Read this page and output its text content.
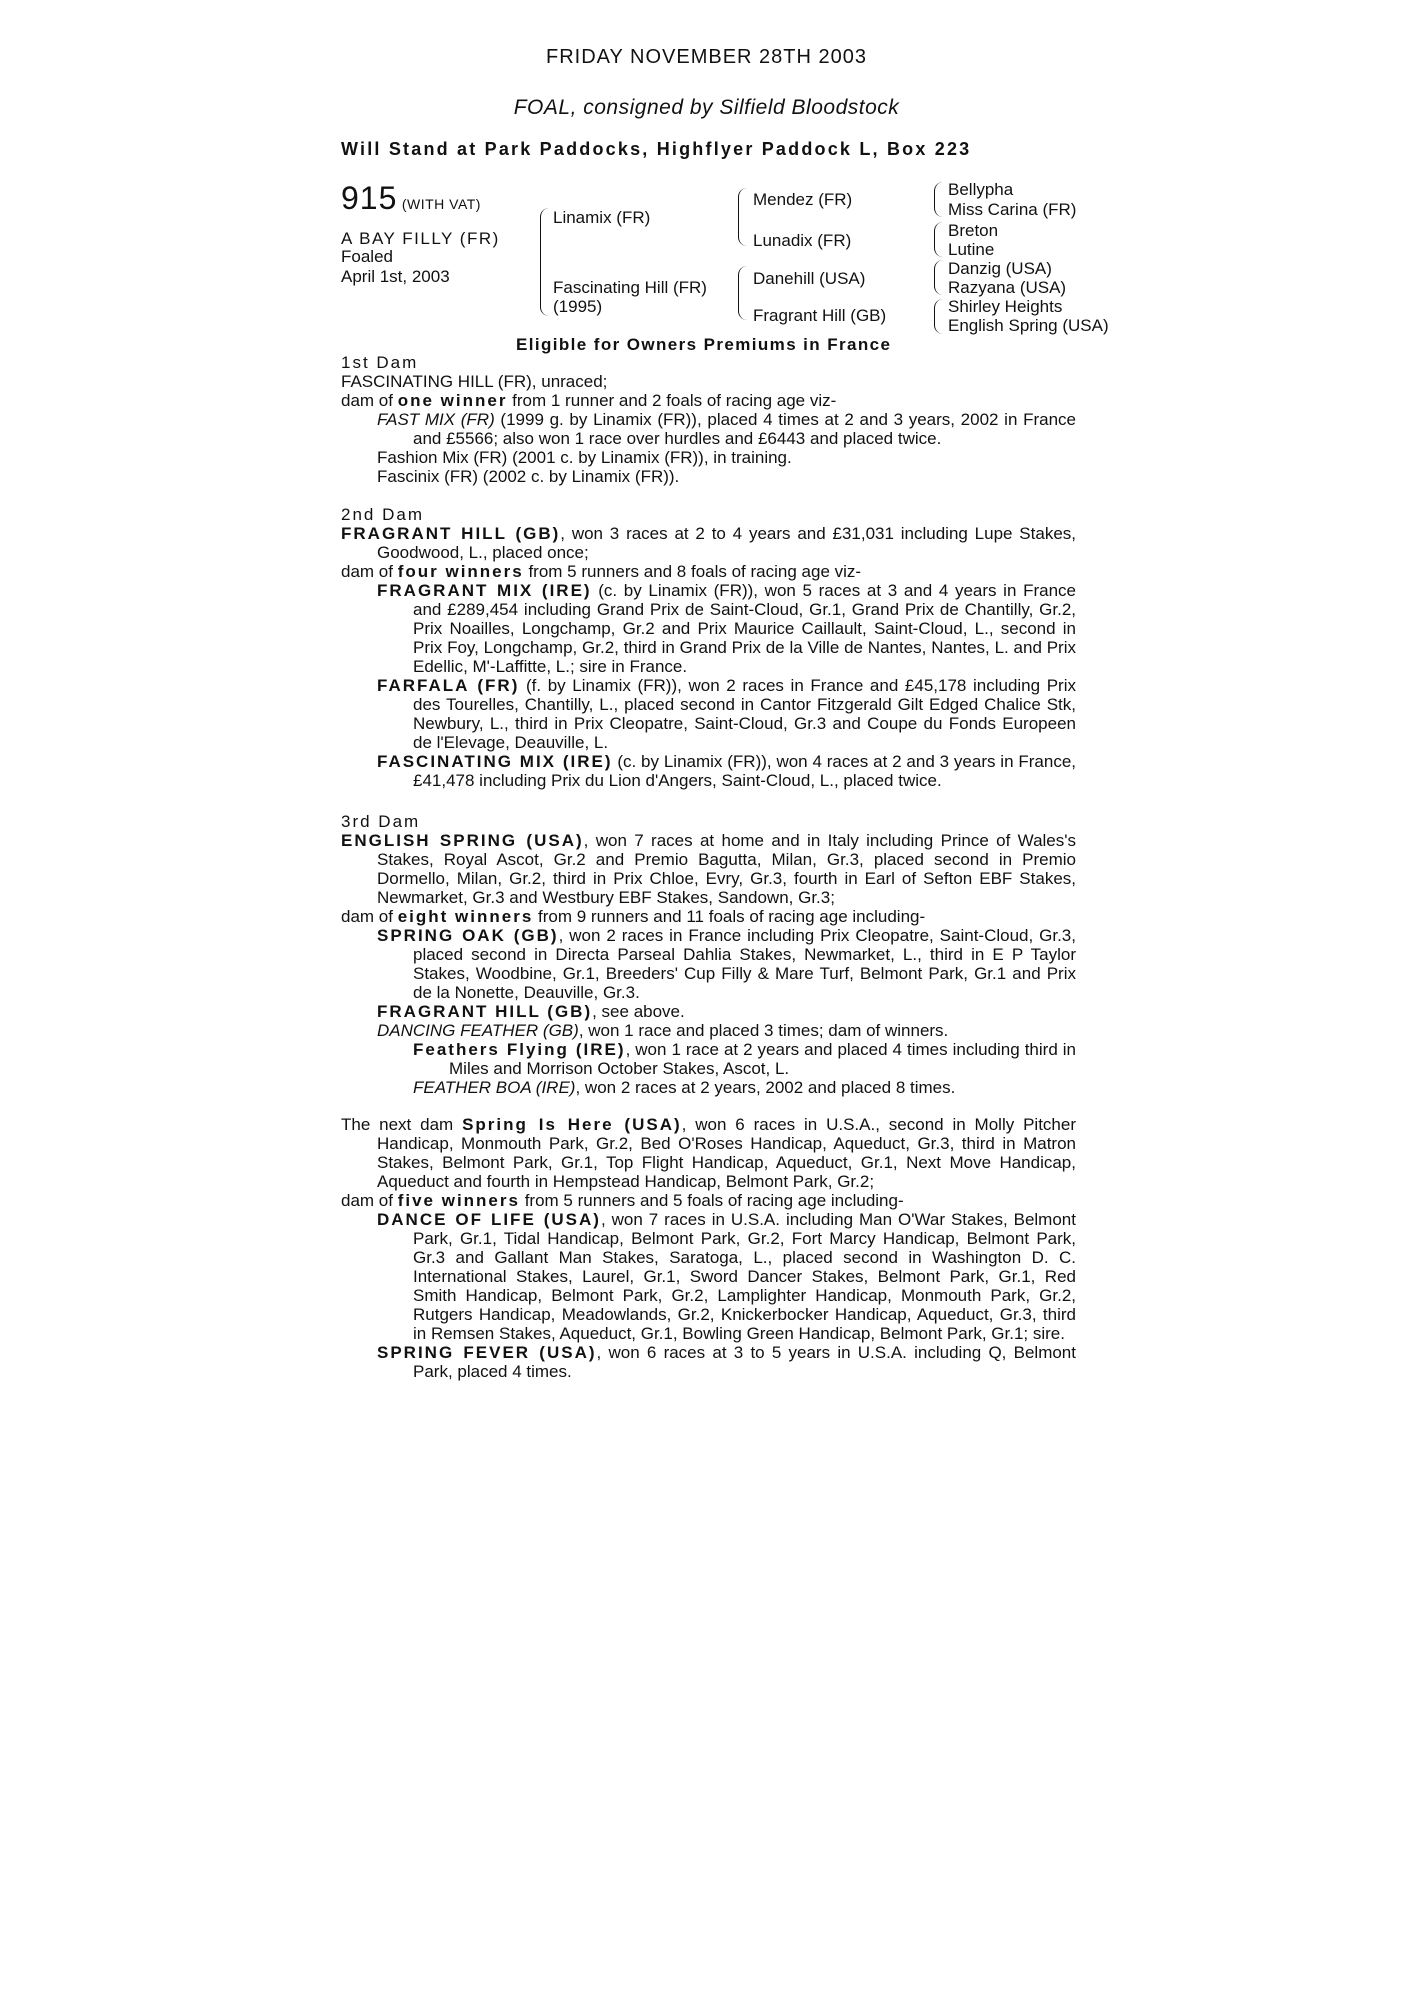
FRIDAY NOVEMBER 28TH 2003
FOAL, consigned by Silfield Bloodstock
Will Stand at Park Paddocks, Highflyer Paddock L, Box 223
915 (WITH VAT)
A BAY FILLY (FR)
Foaled
April 1st, 2003
Linamix (FR)
Fascinating Hill (FR)
(1995)
Mendez (FR)
Lunadix (FR)
Danehill (USA)
Fragrant Hill (GB)
Bellypha
Miss Carina (FR)
Breton
Lutine
Danzig (USA)
Razyana (USA)
Shirley Heights
English Spring (USA)
Eligible for Owners Premiums in France

1st Dam

FASCINATING HILL (FR), unraced;

dam of one winner from 1 runner and 2 foals of racing age viz-

FAST MIX (FR) (1999 g. by Linamix (FR)), placed 4 times at 2 and 3 years, 2002 in France and £5566; also won 1 race over hurdles and £6443 and placed twice.

Fashion Mix (FR) (2001 c. by Linamix (FR)), in training.

Fascinix (FR) (2002 c. by Linamix (FR)).

2nd Dam

FRAGRANT HILL (GB), won 3 races at 2 to 4 years and £31,031 including Lupe Stakes, Goodwood, L., placed once;

dam of four winners from 5 runners and 8 foals of racing age viz-

FRAGRANT MIX (IRE) (c. by Linamix (FR)), won 5 races at 3 and 4 years in France and £289,454 including Grand Prix de Saint-Cloud, Gr.1, Grand Prix de Chantilly, Gr.2, Prix Noailles, Longchamp, Gr.2 and Prix Maurice Caillault, Saint-Cloud, L., second in Prix Foy, Longchamp, Gr.2, third in Grand Prix de la Ville de Nantes, Nantes, L. and Prix Edellic, M'-Laffitte, L.; sire in France.

FARFALA (FR) (f. by Linamix (FR)), won 2 races in France and £45,178 including Prix des Tourelles, Chantilly, L., placed second in Cantor Fitzgerald Gilt Edged Chalice Stk, Newbury, L., third in Prix Cleopatre, Saint-Cloud, Gr.3 and Coupe du Fonds Europeen de l'Elevage, Deauville, L.

FASCINATING MIX (IRE) (c. by Linamix (FR)), won 4 races at 2 and 3 years in France, £41,478 including Prix du Lion d'Angers, Saint-Cloud, L., placed twice.

3rd Dam

ENGLISH SPRING (USA), won 7 races at home and in Italy including Prince of Wales's Stakes, Royal Ascot, Gr.2 and Premio Bagutta, Milan, Gr.3, placed second in Premio Dormello, Milan, Gr.2, third in Prix Chloe, Evry, Gr.3, fourth in Earl of Sefton EBF Stakes, Newmarket, Gr.3 and Westbury EBF Stakes, Sandown, Gr.3;

dam of eight winners from 9 runners and 11 foals of racing age including-

SPRING OAK (GB), won 2 races in France including Prix Cleopatre, Saint-Cloud, Gr.3, placed second in Directa Parseal Dahlia Stakes, Newmarket, L., third in E P Taylor Stakes, Woodbine, Gr.1, Breeders' Cup Filly & Mare Turf, Belmont Park, Gr.1 and Prix de la Nonette, Deauville, Gr.3.

FRAGRANT HILL (GB), see above.

DANCING FEATHER (GB), won 1 race and placed 3 times; dam of winners.

Feathers Flying (IRE), won 1 race at 2 years and placed 4 times including third in Miles and Morrison October Stakes, Ascot, L.

FEATHER BOA (IRE), won 2 races at 2 years, 2002 and placed 8 times.

The next dam Spring Is Here (USA), won 6 races in U.S.A., second in Molly Pitcher Handicap, Monmouth Park, Gr.2, Bed O'Roses Handicap, Aqueduct, Gr.3, third in Matron Stakes, Belmont Park, Gr.1, Top Flight Handicap, Aqueduct, Gr.1, Next Move Handicap, Aqueduct and fourth in Hempstead Handicap, Belmont Park, Gr.2;

dam of five winners from 5 runners and 5 foals of racing age including-

DANCE OF LIFE (USA), won 7 races in U.S.A. including Man O'War Stakes, Belmont Park, Gr.1, Tidal Handicap, Belmont Park, Gr.2, Fort Marcy Handicap, Belmont Park, Gr.3 and Gallant Man Stakes, Saratoga, L., placed second in Washington D. C. International Stakes, Laurel, Gr.1, Sword Dancer Stakes, Belmont Park, Gr.1, Red Smith Handicap, Belmont Park, Gr.2, Lamplighter Handicap, Monmouth Park, Gr.2, Rutgers Handicap, Meadowlands, Gr.2, Knickerbocker Handicap, Aqueduct, Gr.3, third in Remsen Stakes, Aqueduct, Gr.1, Bowling Green Handicap, Belmont Park, Gr.1; sire.

SPRING FEVER (USA), won 6 races at 3 to 5 years in U.S.A. including Q, Belmont Park, placed 4 times.
